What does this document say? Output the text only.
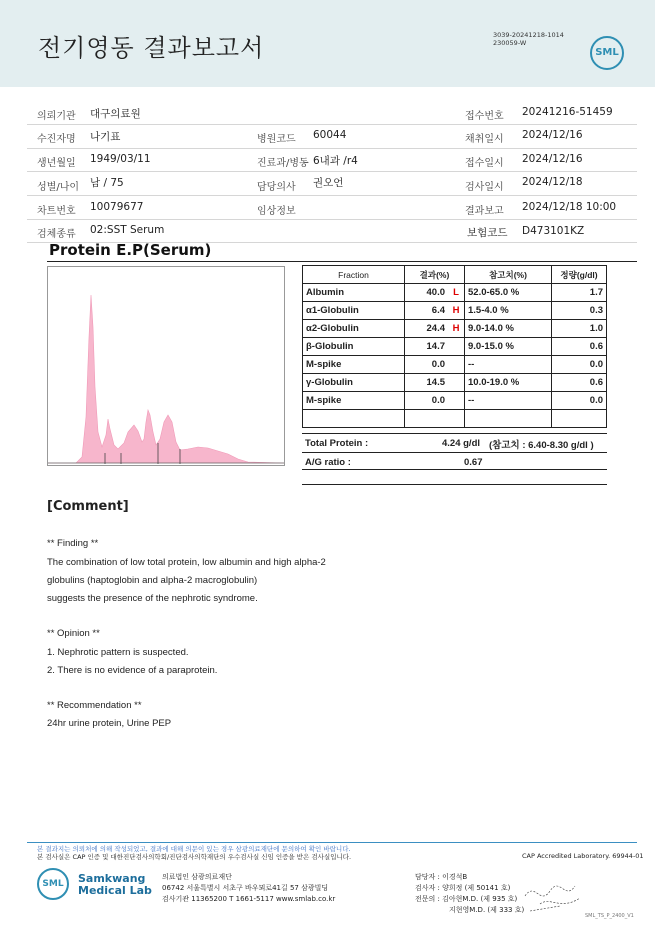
전기영동 결과보고서	3039-20241218-1014
230059-W
SML
의뢰기관 대구의료원	접수번호 20241216-51459
수진자명 나기표	병원코드 60044	채취일시 2024/12/16
생년월일 1949/03/11	진료과/병동 6내과 /r4	접수일시 2024/12/16
성별/나이 남 / 75	담당의사 권오언	검사일시 2024/12/18
차트번호 10079677	임상정보	결과보고 2024/12/18 10:00
검체종류 02:SST Serum	보험코드 D473101KZ
Protein E.P(Serum)
Fraction	결과(%)		참고치(%)	정량(g/dl)
Albumin	40.0	L	52.0-65.0 %	1.7
α1-Globulin	6.4	H	1.5-4.0 %	0.3
α2-Globulin	24.4	H	9.0-14.0 %	1.0
β-Globulin	14.7		9.0-15.0 %	0.6
M-spike	0.0		--	0.0
γ-Globulin	14.5		10.0-19.0 %	0.6
M-spike	0.0		--	0.0

Total Protein :	4.24 g/dl (참고치 : 6.40-8.30 g/dl )
A/G ratio :	0.67
[Comment]
** Finding **
The combination of low total protein, low albumin and high alpha-2
globulins (haptoglobin and alpha-2 macroglobulin)
suggests the presence of the nephrotic syndrome.
** Opinion **
1. Nephrotic pattern is suspected.
2. There is no evidence of a paraprotein.
** Recommendation **
24hr urine protein, Urine PEP
본 결과지는 의뢰처에 의해 작성되었고, 결과에 대해 의문이 있는 경우 삼광의료재단에 문의하여 확인 바랍니다.
본 검사실은 CAP 인증 및 대한진단검사의학회/진단검사의학재단의 우수검사실 신임 인증을 받은 검사실입니다.	CAP Accredited Laboratory. 69944-01
SML	Samkwang
Medical Lab
의료법인 삼광의료재단
06742 서울특별시 서초구 바우뫼로41길 57 삼광빌딩
검사기관 11365200 T 1661-5117 www.smlab.co.kr
담당자 : 이경석B
검사자 : 양희정 (제 50141 호)
전문의 : 김아현M.D. (제 935 호)
지현영M.D. (제 333 호)
SML_TS_P_2400_V1
